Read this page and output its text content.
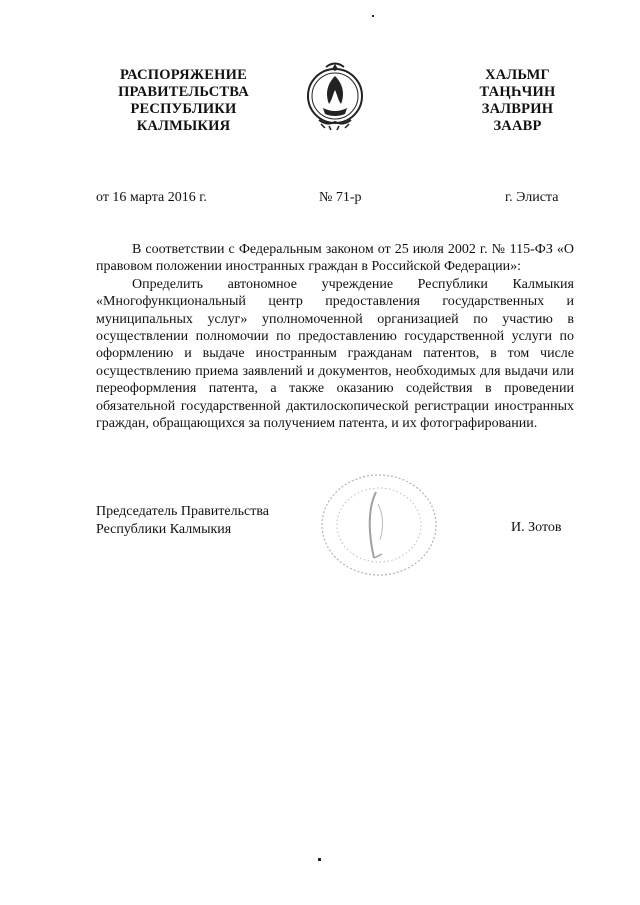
РАСПОРЯЖЕНИЕ
ПРАВИТЕЛЬСТВА
РЕСПУБЛИКИ
КАЛМЫКИЯ
ХАЛЬМГ
ТАҢҺЧИН
ЗАЛВРИН
ЗААВР
от 16 марта 2016 г.	№ 71-р	г. Элиста

В соответствии с Федеральным законом от 25 июля 2002 г. № 115-ФЗ «О правовом положении иностранных граждан в Российской Федерации»:

Определить автономное учреждение Республики Калмыкия «Многофункциональный центр предоставления государственных и муниципальных услуг» уполномоченной организацией по участию в осуществлении полномочии по предоставлению государственной услуги по оформлению и выдаче иностранным гражданам патентов, в том числе осуществлению приема заявлений и документов, необходимых для выдачи или переоформления патента, а также оказанию содействия в проведении обязательной государственной дактилоскопической регистрации иностранных граждан, обращающихся за получением патента, и их фотографировании.

Председатель Правительства
Республики Калмыкия	И. Зотов
